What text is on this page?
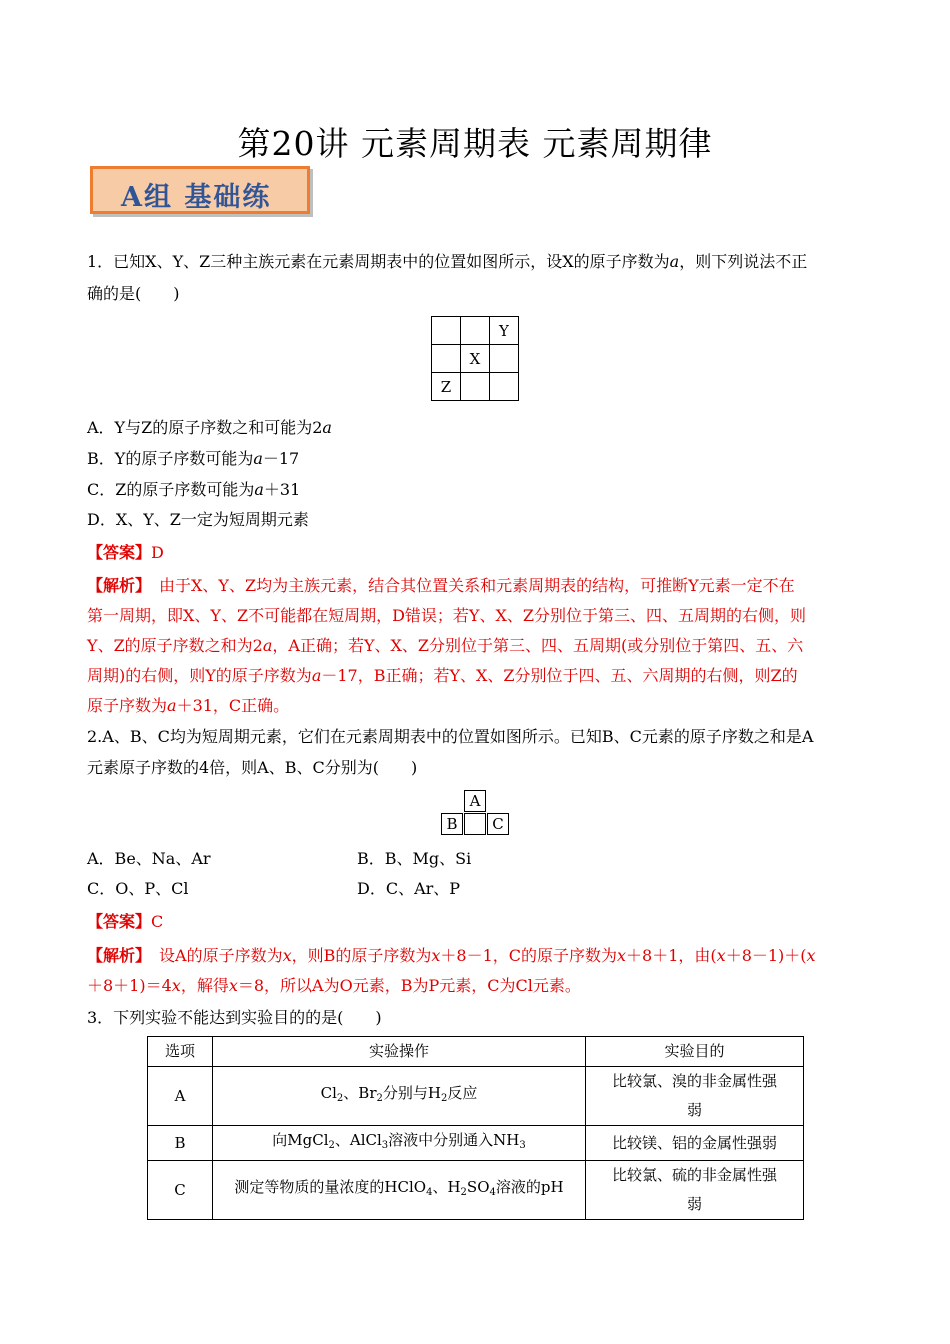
第20讲 元素周期表 元素周期律
A组 基础练
1．已知X、Y、Z三种主族元素在元素周期表中的位置如图所示，设X的原子序数为a，则下列说法不正
确的是(　　)
		Y
	X	
Z		
A．Y与Z的原子序数之和可能为2a
B．Y的原子序数可能为a－17
C．Z的原子序数可能为a＋31
D．X、Y、Z一定为短周期元素
【答案】D
【解析】　由于X、Y、Z均为主族元素，结合其位置关系和元素周期表的结构，可推断Y元素一定不在
第一周期，即X、Y、Z不可能都在短周期，D错误；若Y、X、Z分别位于第三、四、五周期的右侧，则
Y、Z的原子序数之和为2a，A正确；若Y、X、Z分别位于第三、四、五周期(或分别位于第四、五、六
周期)的右侧，则Y的原子序数为a－17，B正确；若Y、X、Z分别位于四、五、六周期的右侧，则Z的
原子序数为a＋31，C正确。
2.A、B、C均为短周期元素，它们在元素周期表中的位置如图所示。已知B、C元素的原子序数之和是A
元素原子序数的4倍，则A、B、C分别为(　　)
A
B	C
A．Be、Na、Ar	B．B、Mg、Si
C．O、P、Cl	D．C、Ar、P
【答案】C
【解析】　设A的原子序数为x，则B的原子序数为x＋8－1，C的原子序数为x＋8＋1，由(x＋8－1)＋(x
＋8＋1)＝4x，解得x＝8，所以A为O元素，B为P元素，C为Cl元素。
3．下列实验不能达到实验目的的是(　　)
选项	实验操作	实验目的
A	$Cl_2$、$Br_2$分别与$H_2$反应	比较氯、溴的非金属性强
弱

B	向MgCl$_2$、AlCl$_3$溶液中分别通入$NH_3$	比较镁、铝的金属性强弱
C	测定等物质的量浓度的HClO$_4$、$H_2SO_4$溶液的pH	比较氯、硫的非金属性强
弱
